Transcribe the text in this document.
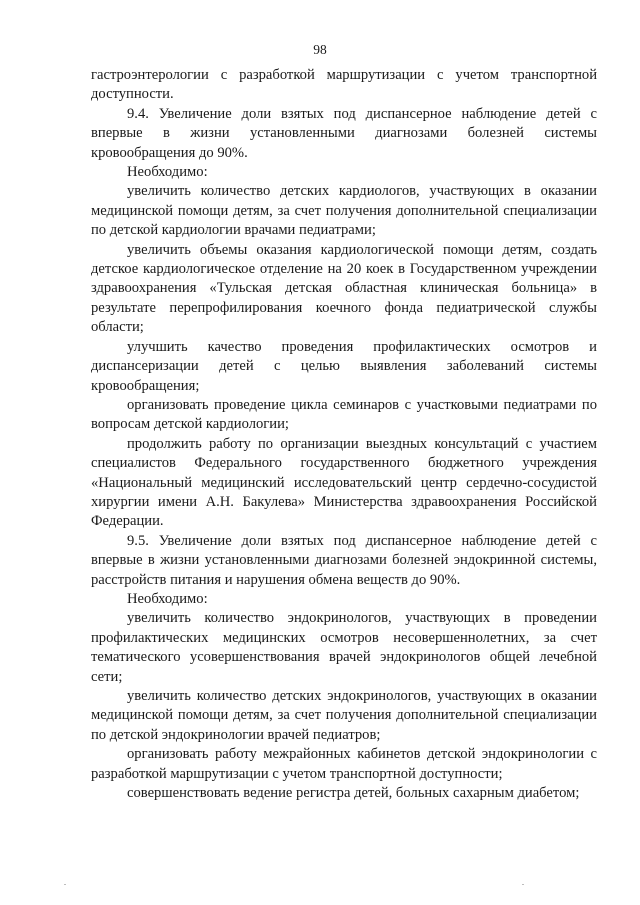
98

гастроэнтерологии с разработкой маршрутизации с учетом транспортной доступности.

9.4. Увеличение доли взятых под диспансерное наблюдение детей с впервые в жизни установленными диагнозами болезней системы кровообращения до 90%.

Необходимо:

увеличить количество детских кардиологов, участвующих в оказании медицинской помощи детям, за счет получения дополнительной специализации по детской кардиологии врачами педиатрами;

увеличить объемы оказания кардиологической помощи детям, создать детское кардиологическое отделение на 20 коек в Государственном учреждении здравоохранения «Тульская детская областная клиническая больница» в результате перепрофилирования коечного фонда педиатрической службы области;

улучшить качество проведения профилактических осмотров и диспансеризации детей с целью выявления заболеваний системы кровообращения;

организовать проведение цикла семинаров с участковыми педиатрами по вопросам детской кардиологии;

продолжить работу по организации выездных консультаций с участием специалистов Федерального государственного бюджетного учреждения «Национальный медицинский исследовательский центр сердечно-сосудистой хирургии имени А.Н. Бакулева» Министерства здравоохранения Российской Федерации.

9.5. Увеличение доли взятых под диспансерное наблюдение детей с впервые в жизни установленными диагнозами болезней эндокринной системы, расстройств питания и нарушения обмена веществ до 90%.

Необходимо:

увеличить количество эндокринологов, участвующих в проведении профилактических медицинских осмотров несовершеннолетних, за счет тематического усовершенствования врачей эндокринологов общей лечебной сети;

увеличить количество детских эндокринологов, участвующих в оказании медицинской помощи детям, за счет получения дополнительной специализации по детской эндокринологии врачей педиатров;

организовать работу межрайонных кабинетов детской эндокринологии с разработкой маршрутизации с учетом транспортной доступности;

совершенствовать ведение регистра детей, больных сахарным диабетом;
